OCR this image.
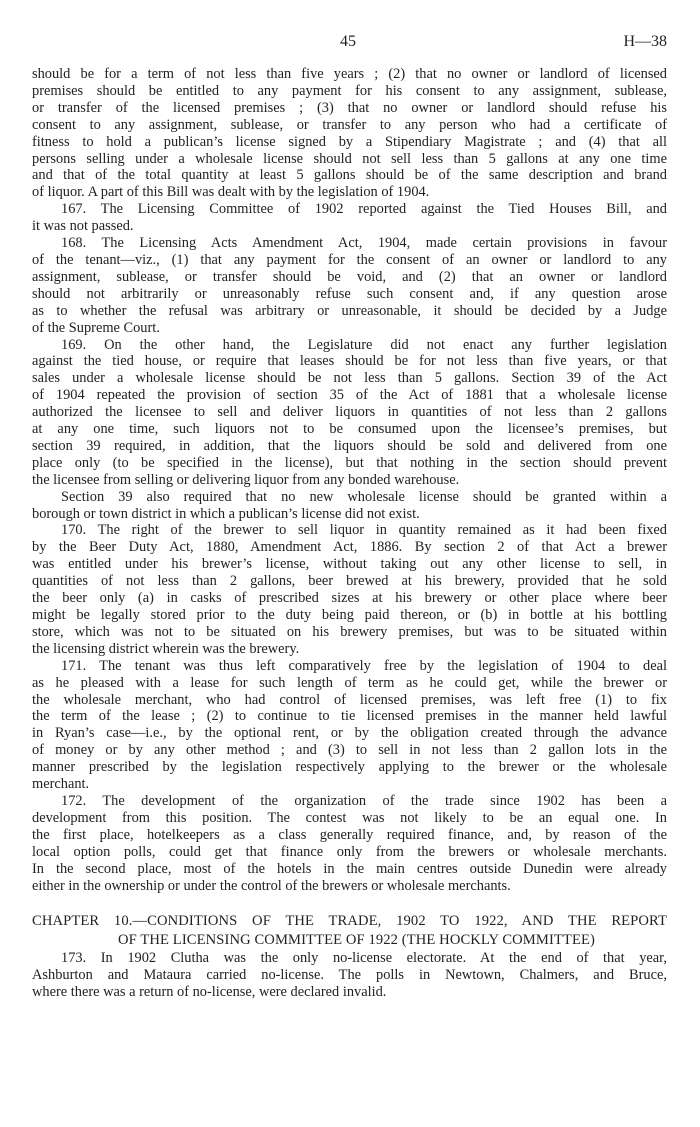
45	H—38

should be for a term of not less than five years ; (2) that no owner or landlord of licensed

premises should be entitled to any payment for his consent to any assignment, sublease,

or transfer of the licensed premises ; (3) that no owner or landlord should refuse his

consent to any assignment, sublease, or transfer to any person who had a certificate of

fitness to hold a publican’s license signed by a Stipendiary Magistrate ; and (4) that all

persons selling under a wholesale license should not sell less than 5 gallons at any one time

and that of the total quantity at least 5 gallons should be of the same description and brand

of liquor. A part of this Bill was dealt with by the legislation of 1904.

167. The Licensing Committee of 1902 reported against the Tied Houses Bill, and

it was not passed.

168. The Licensing Acts Amendment Act, 1904, made certain provisions in favour

of the tenant—viz., (1) that any payment for the consent of an owner or landlord to any

assignment, sublease, or transfer should be void, and (2) that an owner or landlord

should not arbitrarily or unreasonably refuse such consent and, if any question arose

as to whether the refusal was arbitrary or unreasonable, it should be decided by a Judge

of the Supreme Court.

169. On the other hand, the Legislature did not enact any further legislation

against the tied house, or require that leases should be for not less than five years, or that

sales under a wholesale license should be not less than 5 gallons. Section 39 of the Act

of 1904 repeated the provision of section 35 of the Act of 1881 that a wholesale license

authorized the licensee to sell and deliver liquors in quantities of not less than 2 gallons

at any one time, such liquors not to be consumed upon the licensee’s premises, but

section 39 required, in addition, that the liquors should be sold and delivered from one

place only (to be specified in the license), but that nothing in the section should prevent

the licensee from selling or delivering liquor from any bonded warehouse.

Section 39 also required that no new wholesale license should be granted within a

borough or town district in which a publican’s license did not exist.

170. The right of the brewer to sell liquor in quantity remained as it had been fixed

by the Beer Duty Act, 1880, Amendment Act, 1886. By section 2 of that Act a brewer

was entitled under his brewer’s license, without taking out any other license to sell, in

quantities of not less than 2 gallons, beer brewed at his brewery, provided that he sold

the beer only (a) in casks of prescribed sizes at his brewery or other place where beer

might be legally stored prior to the duty being paid thereon, or (b) in bottle at his bottling

store, which was not to be situated on his brewery premises, but was to be situated within

the licensing district wherein was the brewery.

171. The tenant was thus left comparatively free by the legislation of 1904 to deal

as he pleased with a lease for such length of term as he could get, while the brewer or

the wholesale merchant, who had control of licensed premises, was left free (1) to fix

the term of the lease ; (2) to continue to tie licensed premises in the manner held lawful

in Ryan’s case—i.e., by the optional rent, or by the obligation created through the advance

of money or by any other method ; and (3) to sell in not less than 2 gallon lots in the

manner prescribed by the legislation respectively applying to the brewer or the wholesale

merchant.

172. The development of the organization of the trade since 1902 has been a

development from this position. The contest was not likely to be an equal one. In

the first place, hotelkeepers as a class generally required finance, and, by reason of the

local option polls, could get that finance only from the brewers or wholesale merchants.

In the second place, most of the hotels in the main centres outside Dunedin were already

either in the ownership or under the control of the brewers or wholesale merchants.

CHAPTER 10.—CONDITIONS OF THE TRADE, 1902 TO 1922, AND THE REPORT
OF THE LICENSING COMMITTEE OF 1922 (THE HOCKLY COMMITTEE)

173. In 1902 Clutha was the only no-license electorate. At the end of that year,

Ashburton and Mataura carried no-license. The polls in Newtown, Chalmers, and Bruce,

where there was a return of no-license, were declared invalid.
